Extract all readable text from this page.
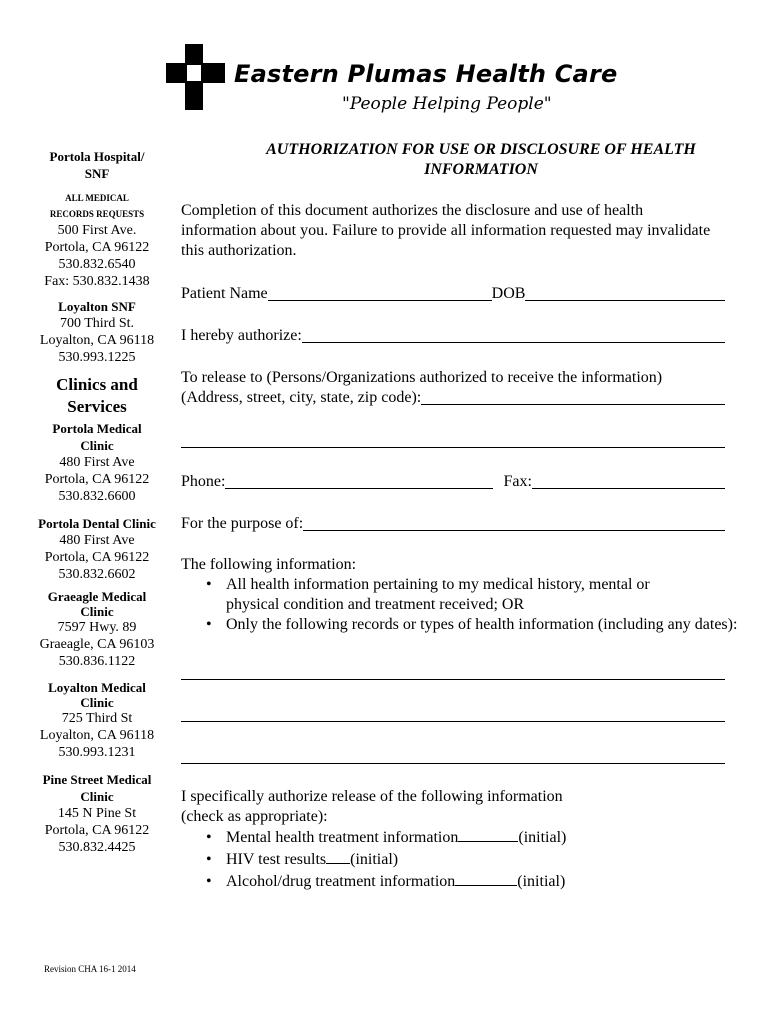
Eastern Plumas Health Care
"People Helping People"
Portola Hospital/ SNF
ALL MEDICAL
RECORDS REQUESTS
500 First Ave.
Portola, CA 96122
530.832.6540
Fax: 530.832.1438
Loyalton SNF
700 Third St.
Loyalton, CA 96118
530.993.1225
Clinics and Services
Portola Medical Clinic
480 First Ave
Portola, CA 96122
530.832.6600
Portola Dental Clinic
480 First Ave
Portola, CA 96122
530.832.6602
Graeagle Medical Clinic
7597 Hwy. 89
Graeagle, CA 96103
530.836.1122
Loyalton Medical Clinic
725 Third St
Loyalton, CA 96118
530.993.1231
Pine Street Medical Clinic
145 N Pine St
Portola, CA 96122
530.832.4425
Revision CHA 16-1 2014
AUTHORIZATION FOR USE OR DISCLOSURE OF HEALTH INFORMATION

Completion of this document authorizes the disclosure and use of health information about you. Failure to provide all information requested may invalidate this authorization.

Patient Name	DOB
I hereby authorize:
To release to (Persons/Organizations authorized to receive the information)
(Address, street, city, state, zip code):
Phone:	Fax:
For the purpose of:
The following information:
• All health information pertaining to my medical history, mental or physical condition and treatment received; OR
• Only the following records or types of health information (including any dates):
I specifically authorize release of the following information
(check as appropriate):
• Mental health treatment information	(initial)
• HIV test results (initial)
• Alcohol/drug treatment information	(initial)
